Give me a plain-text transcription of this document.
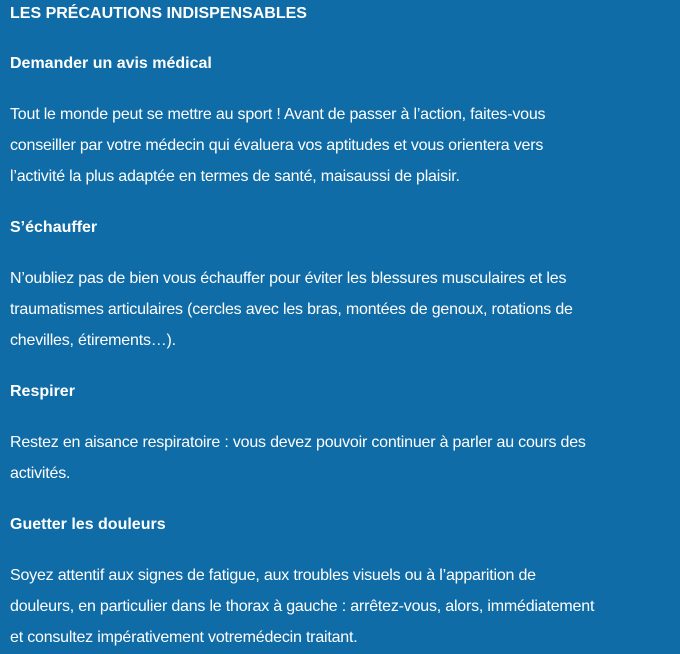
LES PRÉCAUTIONS INDISPENSABLES
Demander un avis médical

Tout le monde peut se mettre au sport ! Avant de passer à l’action, faites-vous
conseiller par votre médecin qui évaluera vos aptitudes et vous orientera vers
l’activité la plus adaptée en termes de santé, maisaussi de plaisir.

S’échauffer

N’oubliez pas de bien vous échauffer pour éviter les blessures musculaires et les
traumatismes articulaires (cercles avec les bras, montées de genoux, rotations de
chevilles, étirements…).

Respirer

Restez en aisance respiratoire : vous devez pouvoir continuer à parler au cours des
activités.

Guetter les douleurs

Soyez attentif aux signes de fatigue, aux troubles visuels ou à l’apparition de
douleurs, en particulier dans le thorax à gauche : arrêtez-vous, alors, immédiatement
et consultez impérativement votremédecin traitant.
